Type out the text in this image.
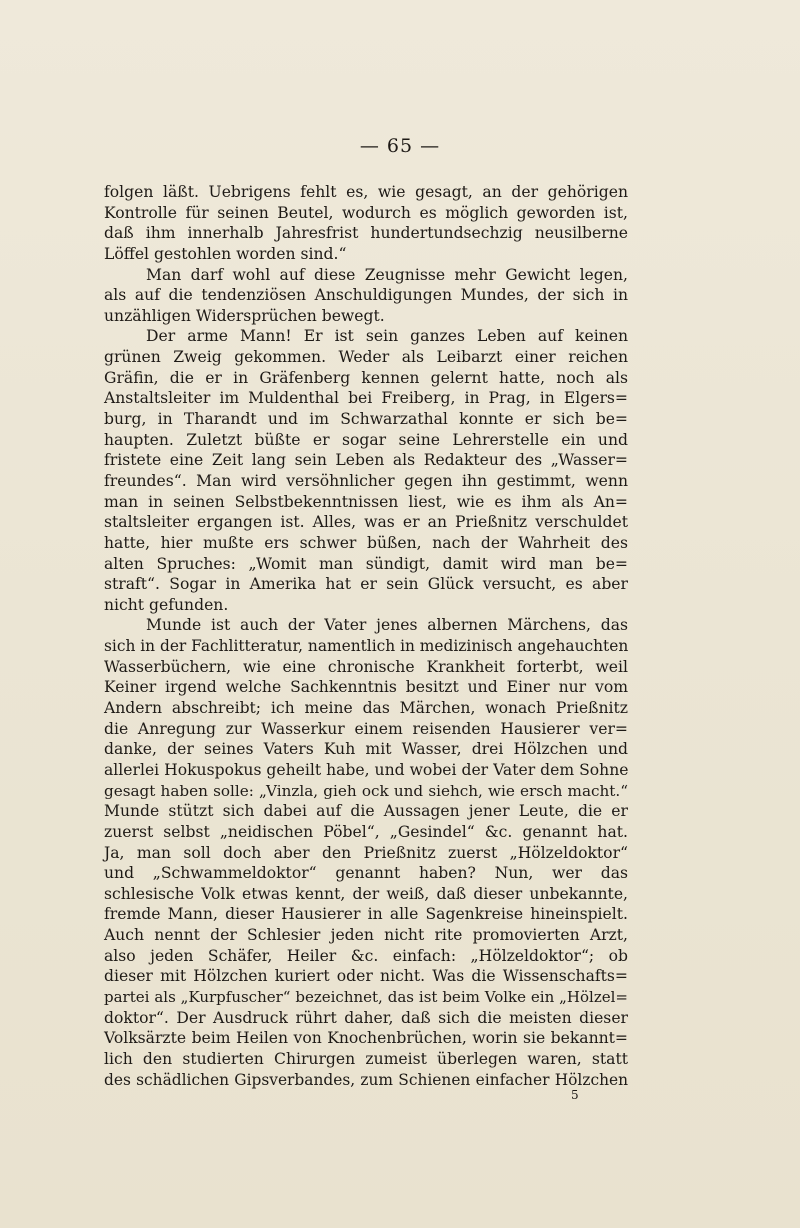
— 65 —
folgen läßt. Uebrigens fehlt es, wie gesagt, an der gehörigen
Kontrolle für seinen Beutel, wodurch es möglich geworden ist,
daß ihm innerhalb Jahresfrist hundertundsechzig neusilberne
Löffel gestohlen worden sind.“
Man darf wohl auf diese Zeugnisse mehr Gewicht legen,
als auf die tendenziösen Anschuldigungen Mundes, der sich in
unzähligen Widersprüchen bewegt.
Der arme Mann! Er ist sein ganzes Leben auf keinen
grünen Zweig gekommen. Weder als Leibarzt einer reichen
Gräfin, die er in Gräfenberg kennen gelernt hatte, noch als
Anstaltsleiter im Muldenthal bei Freiberg, in Prag, in Elgers=
burg, in Tharandt und im Schwarzathal konnte er sich be=
haupten. Zuletzt büßte er sogar seine Lehrerstelle ein und
fristete eine Zeit lang sein Leben als Redakteur des „Wasser=
freundes“. Man wird versöhnlicher gegen ihn gestimmt, wenn
man in seinen Selbstbekenntnissen liest, wie es ihm als An=
staltsleiter ergangen ist. Alles, was er an Prießnitz verschuldet
hatte, hier mußte ers schwer büßen, nach der Wahrheit des
alten Spruches: „Womit man sündigt, damit wird man be=
straft“. Sogar in Amerika hat er sein Glück versucht, es aber
nicht gefunden.
Munde ist auch der Vater jenes albernen Märchens, das
sich in der Fachlitteratur, namentlich in medizinisch angehauchten
Wasserbüchern, wie eine chronische Krankheit forterbt, weil
Keiner irgend welche Sachkenntnis besitzt und Einer nur vom
Andern abschreibt; ich meine das Märchen, wonach Prießnitz
die Anregung zur Wasserkur einem reisenden Hausierer ver=
danke, der seines Vaters Kuh mit Wasser, drei Hölzchen und
allerlei Hokuspokus geheilt habe, und wobei der Vater dem Sohne
gesagt haben solle: „Vinzla, gieh ock und siehch, wie ersch macht.“
Munde stützt sich dabei auf die Aussagen jener Leute, die er
zuerst selbst „neidischen Pöbel“, „Gesindel“ &c. genannt hat.
Ja, man soll doch aber den Prießnitz zuerst „Hölzeldoktor“
und „Schwammeldoktor“ genannt haben? Nun, wer das
schlesische Volk etwas kennt, der weiß, daß dieser unbekannte,
fremde Mann, dieser Hausierer in alle Sagenkreise hineinspielt.
Auch nennt der Schlesier jeden nicht rite promovierten Arzt,
also jeden Schäfer, Heiler &c. einfach: „Hölzeldoktor“; ob
dieser mit Hölzchen kuriert oder nicht. Was die Wissenschafts=
partei als „Kurpfuscher“ bezeichnet, das ist beim Volke ein „Hölzel=
doktor“. Der Ausdruck rührt daher, daß sich die meisten dieser
Volksärzte beim Heilen von Knochenbrüchen, worin sie bekannt=
lich den studierten Chirurgen zumeist überlegen waren, statt
des schädlichen Gipsverbandes, zum Schienen einfacher Hölzchen
5
